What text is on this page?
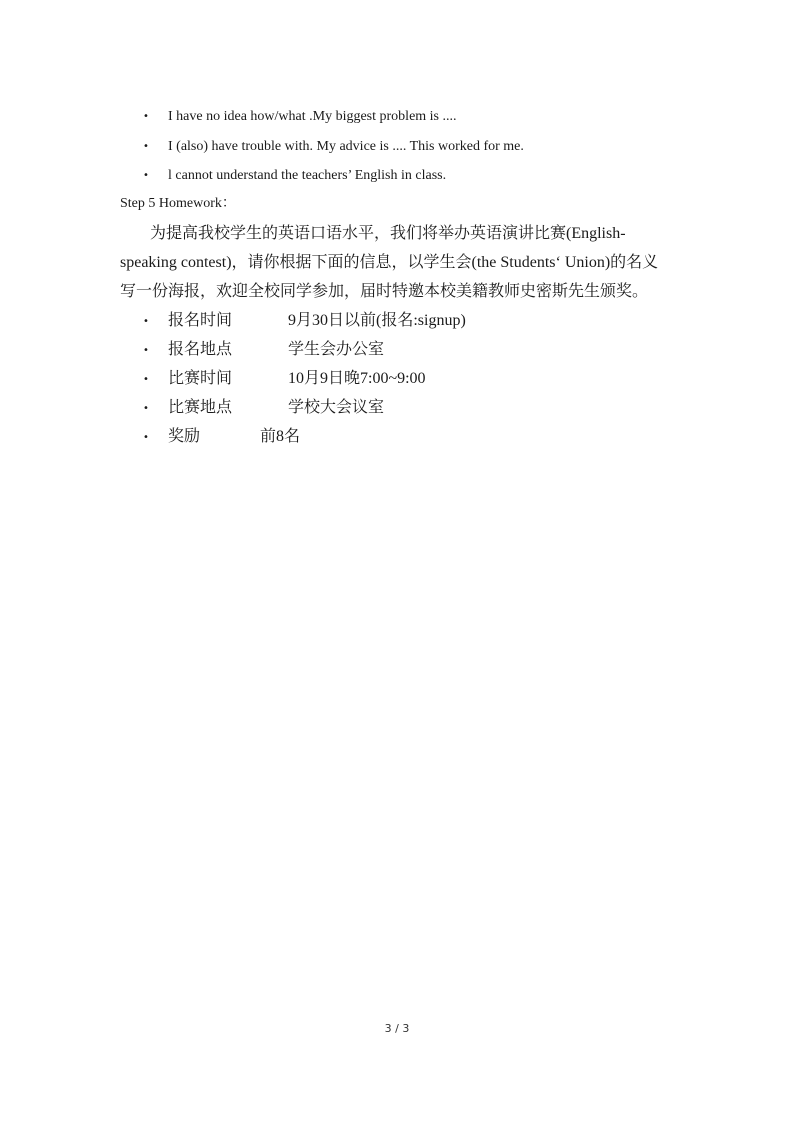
• I have no idea how/what .My biggest problem is ....
• I (also) have trouble with. My advice is .... This worked for me.
• l cannot understand the teachers’ English in class.
Step 5 Homework：
为提高我校学生的英语口语水平，我们将举办英语演讲比赛(English-
speaking contest)，请你根据下面的信息，以学生会(the Students‘ Union)的名义
写一份海报，欢迎全校同学参加，届时特邀本校美籍教师史密斯先生颁奖。
• 报名时间	9月30日以前(报名:signup)
• 报名地点	学生会办公室
• 比赛时间	10月9日晚7:00~9:00
• 比赛地点	学校大会议室
• 奖励	前8名
3 / 3
